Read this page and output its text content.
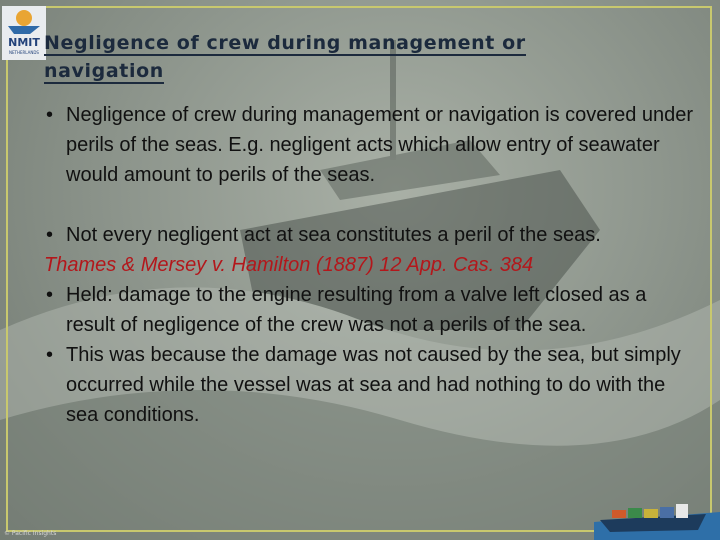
NMIT
NETHERLANDS Negligence of crew during management or navigation
• Negligence of crew during management or navigation is covered under perils of the seas. E.g. negligent acts which allow entry of seawater would amount to perils of the seas.
• Not every negligent act at sea constitutes a peril of the seas.
Thames & Mersey v. Hamilton (1887) 12 App. Cas. 384
• Held: damage to the engine resulting from a valve left closed as a result of negligence of the crew was not a perils of the sea.
• This was because the damage was not caused by the sea, but simply occurred while the vessel was at sea and had nothing to do with the sea conditions.
© Pacific Insights
